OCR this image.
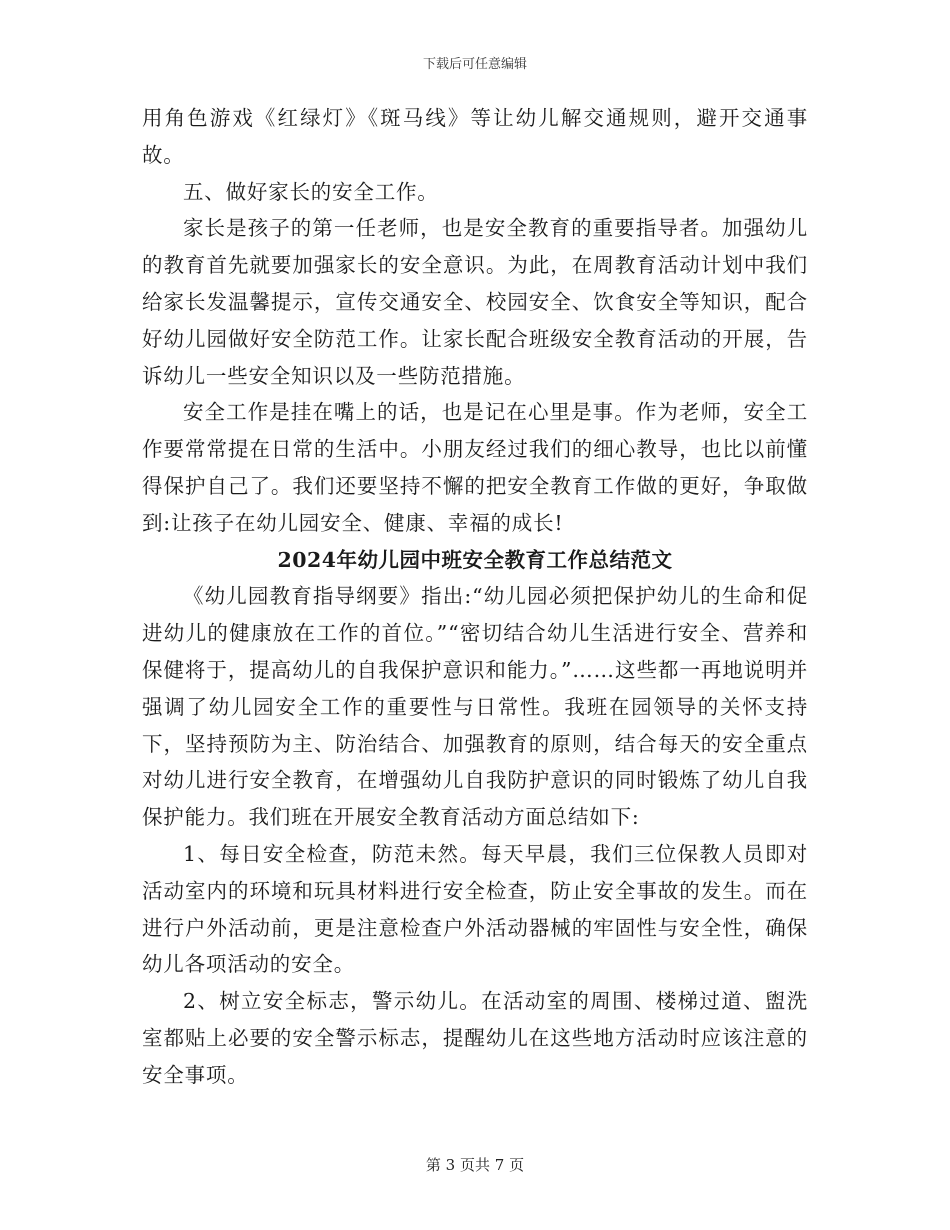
下载后可任意编辑

用角色游戏《红绿灯》《斑马线》等让幼儿解交通规则，避开交通事故。

五、做好家长的安全工作。

家长是孩子的第一任老师，也是安全教育的重要指导者。加强幼儿的教育首先就要加强家长的安全意识。为此，在周教育活动计划中我们给家长发温馨提示，宣传交通安全、校园安全、饮食安全等知识，配合好幼儿园做好安全防范工作。让家长配合班级安全教育活动的开展，告诉幼儿一些安全知识以及一些防范措施。

安全工作是挂在嘴上的话，也是记在心里是事。作为老师，安全工作要常常提在日常的生活中。小朋友经过我们的细心教导，也比以前懂得保护自己了。我们还要坚持不懈的把安全教育工作做的更好，争取做到:让孩子在幼儿园安全、健康、幸福的成长!

2024年幼儿园中班安全教育工作总结范文

《幼儿园教育指导纲要》指出:“幼儿园必须把保护幼儿的生命和促进幼儿的健康放在工作的首位。”“密切结合幼儿生活进行安全、营养和保健将于，提高幼儿的自我保护意识和能力。”……这些都一再地说明并强调了幼儿园安全工作的重要性与日常性。我班在园领导的关怀支持下，坚持预防为主、防治结合、加强教育的原则，结合每天的安全重点对幼儿进行安全教育，在增强幼儿自我防护意识的同时锻炼了幼儿自我保护能力。我们班在开展安全教育活动方面总结如下:

1、每日安全检查，防范未然。每天早晨，我们三位保教人员即对活动室内的环境和玩具材料进行安全检查，防止安全事故的发生。而在进行户外活动前，更是注意检查户外活动器械的牢固性与安全性，确保幼儿各项活动的安全。

2、树立安全标志，警示幼儿。在活动室的周围、楼梯过道、盥洗室都贴上必要的安全警示标志，提醒幼儿在这些地方活动时应该注意的安全事项。

第 3 页共 7 页
